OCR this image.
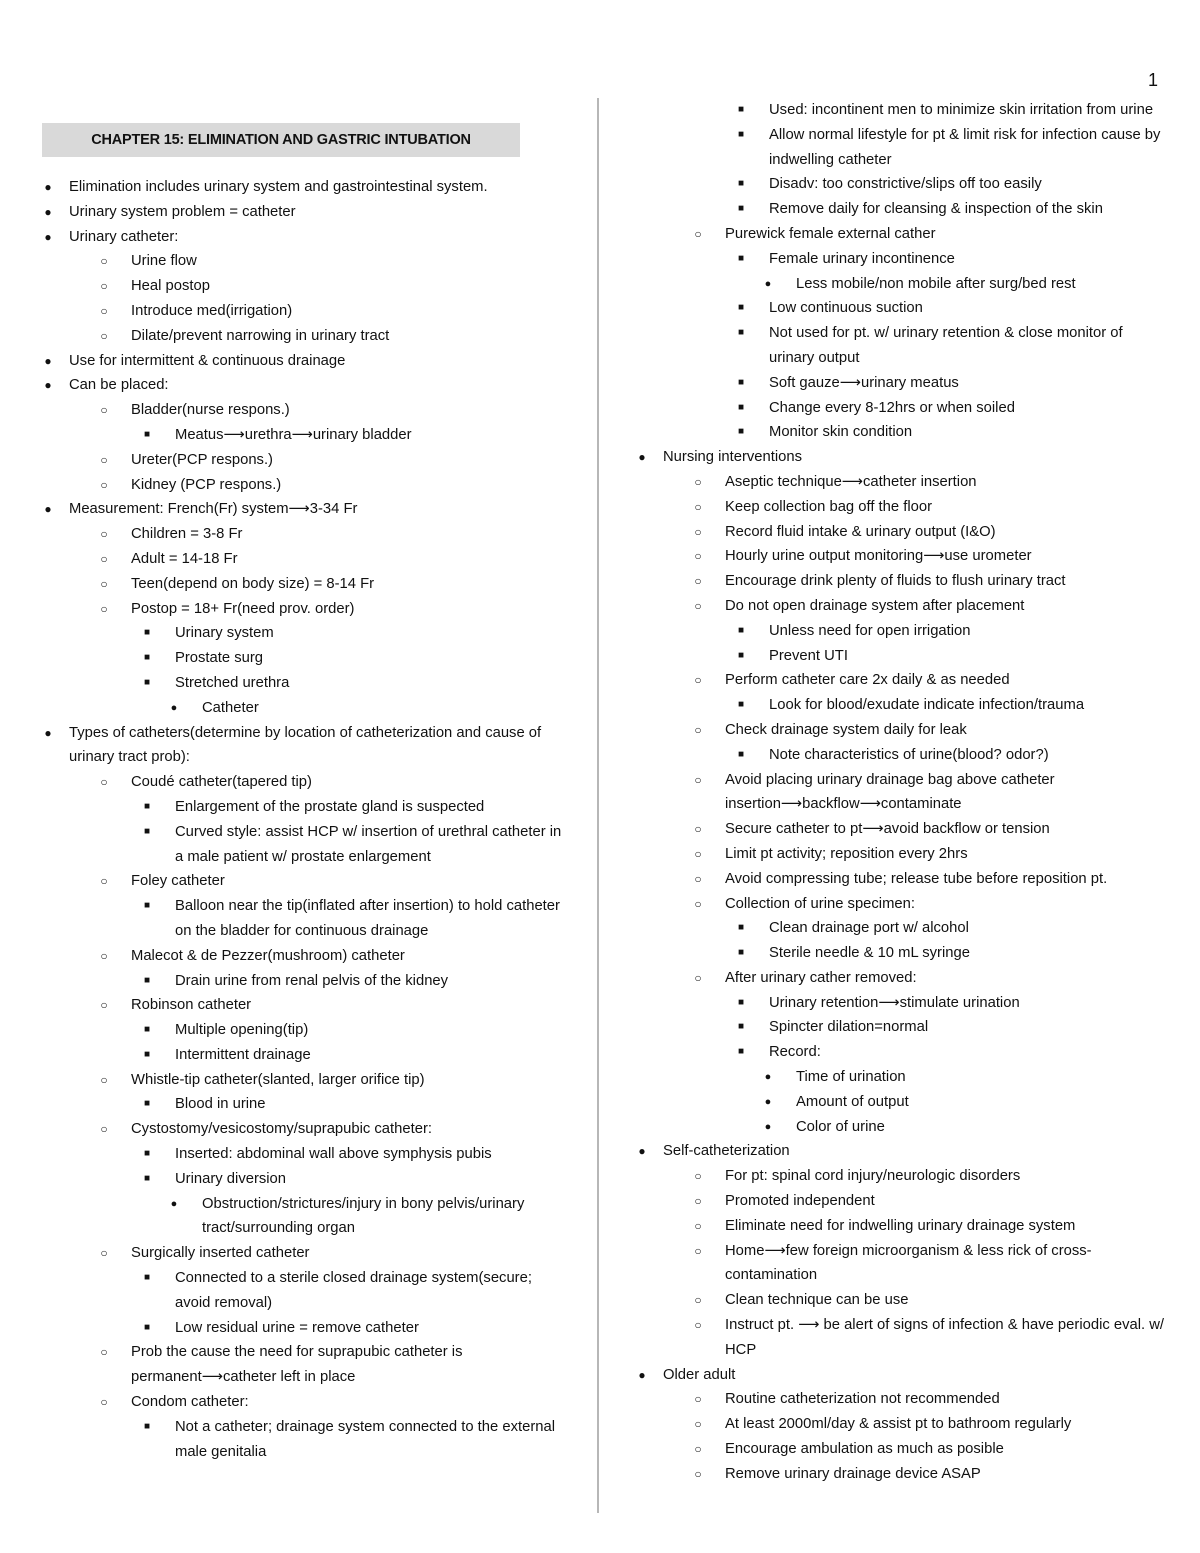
1
CHAPTER 15: ELIMINATION AND GASTRIC INTUBATION
● Elimination includes urinary system and gastrointestinal system.
● Urinary system problem = catheter
● Urinary catheter:
○ Urine flow
○ Heal postop
○ Introduce med(irrigation)
○ Dilate/prevent narrowing in urinary tract
● Use for intermittent & continuous drainage
● Can be placed:
○ Bladder(nurse respons.)
■ Meatus⟶urethra⟶urinary bladder
○ Ureter(PCP respons.)
○ Kidney (PCP respons.)
● Measurement: French(Fr) system⟶3-34 Fr
○ Children = 3-8 Fr
○ Adult = 14-18 Fr
○ Teen(depend on body size) = 8-14 Fr
○ Postop = 18+ Fr(need prov. order)
■ Urinary system
■ Prostate surg
■ Stretched urethra
● Catheter
● Types of catheters(determine by location of catheterization and cause of urinary tract prob):
○ Coudé catheter(tapered tip)
■ Enlargement of the prostate gland is suspected
■ Curved style: assist HCP w/ insertion of urethral catheter in a male patient w/ prostate enlargement
○ Foley catheter
■ Balloon near the tip(inflated after insertion) to hold catheter on the bladder for continuous drainage
○ Malecot & de Pezzer(mushroom) catheter
■ Drain urine from renal pelvis of the kidney
○ Robinson catheter
■ Multiple opening(tip)
■ Intermittent drainage
○ Whistle-tip catheter(slanted, larger orifice tip)
■ Blood in urine
○ Cystostomy/vesicostomy/suprapubic catheter:
■ Inserted: abdominal wall above symphysis pubis
■ Urinary diversion
● Obstruction/strictures/injury in bony pelvis/urinary tract/surrounding organ
○ Surgically inserted catheter
■ Connected to a sterile closed drainage system(secure; avoid removal)
■ Low residual urine = remove catheter
○ Prob the cause the need for suprapubic catheter is permanent⟶catheter left in place
○ Condom catheter:
■ Not a catheter; drainage system connected to the external male genitalia
■ Used: incontinent men to minimize skin irritation from urine
■ Allow normal lifestyle for pt & limit risk for infection cause by indwelling catheter
■ Disadv: too constrictive/slips off too easily
■ Remove daily for cleansing & inspection of the skin
○ Purewick female external cather
■ Female urinary incontinence
● Less mobile/non mobile after surg/bed rest
■ Low continuous suction
■ Not used for pt. w/ urinary retention & close monitor of urinary output
■ Soft gauze⟶urinary meatus
■ Change every 8-12hrs or when soiled
■ Monitor skin condition
● Nursing interventions
○ Aseptic technique⟶catheter insertion
○ Keep collection bag off the floor
○ Record fluid intake & urinary output (I&O)
○ Hourly urine output monitoring⟶use urometer
○ Encourage drink plenty of fluids to flush urinary tract
○ Do not open drainage system after placement
■ Unless need for open irrigation
■ Prevent UTI
○ Perform catheter care 2x daily & as needed
■ Look for blood/exudate indicate infection/trauma
○ Check drainage system daily for leak
■ Note characteristics of urine(blood? odor?)
○ Avoid placing urinary drainage bag above catheter insertion⟶backflow⟶contaminate
○ Secure catheter to pt⟶avoid backflow or tension
○ Limit pt activity; reposition every 2hrs
○ Avoid compressing tube; release tube before reposition pt.
○ Collection of urine specimen:
■ Clean drainage port w/ alcohol
■ Sterile needle & 10 mL syringe
○ After urinary cather removed:
■ Urinary retention⟶stimulate urination
■ Spincter dilation=normal
■ Record:
● Time of urination
● Amount of output
● Color of urine
● Self-catheterization
○ For pt: spinal cord injury/neurologic disorders
○ Promoted independent
○ Eliminate need for indwelling urinary drainage system
○ Home⟶few foreign microorganism & less rick of cross-contamination
○ Clean technique can be use
○ Instruct pt. ⟶ be alert of signs of infection & have periodic eval. w/ HCP
● Older adult
○ Routine catheterization not recommended
○ At least 2000ml/day & assist pt to bathroom regularly
○ Encourage ambulation as much as posible
○ Remove urinary drainage device ASAP
